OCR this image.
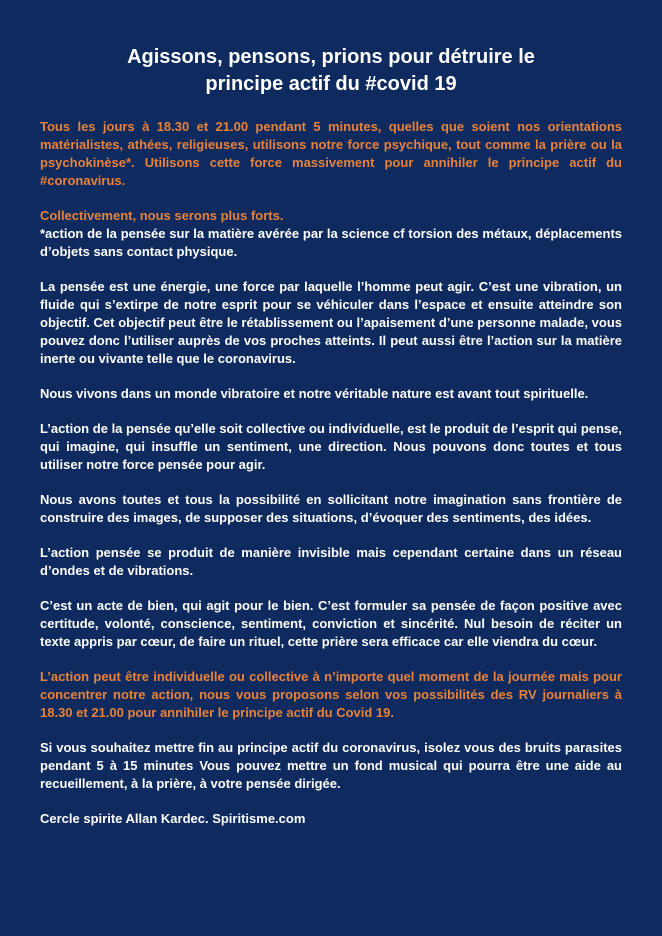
Agissons, pensons, prions pour détruire le
principe actif du #covid 19

Tous les jours à 18.30 et 21.00 pendant 5 minutes, quelles que soient nos orientations matérialistes, athées, religieuses, utilisons notre force psychique, tout comme la prière ou la psychokinèse*. Utilisons cette force massivement pour annihiler le principe actif du #coronavirus.

Collectivement, nous serons plus forts.
*action de la pensée sur la matière avérée par la science cf torsion des métaux, déplacements d’objets sans contact physique.

La pensée est une énergie, une force par laquelle l’homme peut agir. C’est une vibration, un fluide qui s’extirpe de notre esprit pour se véhiculer dans l’espace et ensuite atteindre son objectif. Cet objectif peut être le rétablissement ou l’apaisement d’une personne malade, vous pouvez donc l’utiliser auprès de vos proches atteints. Il peut aussi être l’action sur la matière inerte ou vivante telle que le coronavirus.

Nous vivons dans un monde vibratoire et notre véritable nature est avant tout spirituelle.

L’action de la pensée qu’elle soit collective ou individuelle, est le produit de l’esprit qui pense, qui imagine, qui insuffle un sentiment, une direction. Nous pouvons donc toutes et tous utiliser notre force pensée pour agir.

Nous avons toutes et tous la possibilité en sollicitant notre imagination sans frontière de construire des images, de supposer des situations, d’évoquer des sentiments, des idées.

L’action pensée se produit de manière invisible mais cependant certaine dans un réseau d’ondes et de vibrations.

C’est un acte de bien, qui agit pour le bien. C’est formuler sa pensée de façon positive avec certitude, volonté, conscience, sentiment, conviction et sincérité. Nul besoin de réciter un texte appris par cœur, de faire un rituel, cette prière sera efficace car elle viendra du cœur.

L’action peut être individuelle ou collective à n’importe quel moment de la journée mais pour concentrer notre action, nous vous proposons selon vos possibilités des RV journaliers à 18.30 et 21.00 pour annihiler le principe actif du Covid 19.

Si vous souhaitez mettre fin au principe actif du coronavirus, isolez vous des bruits parasites pendant 5 à 15 minutes Vous pouvez mettre un fond musical qui pourra être une aide au recueillement, à la prière, à votre pensée dirigée.

Cercle spirite Allan Kardec. Spiritisme.com
